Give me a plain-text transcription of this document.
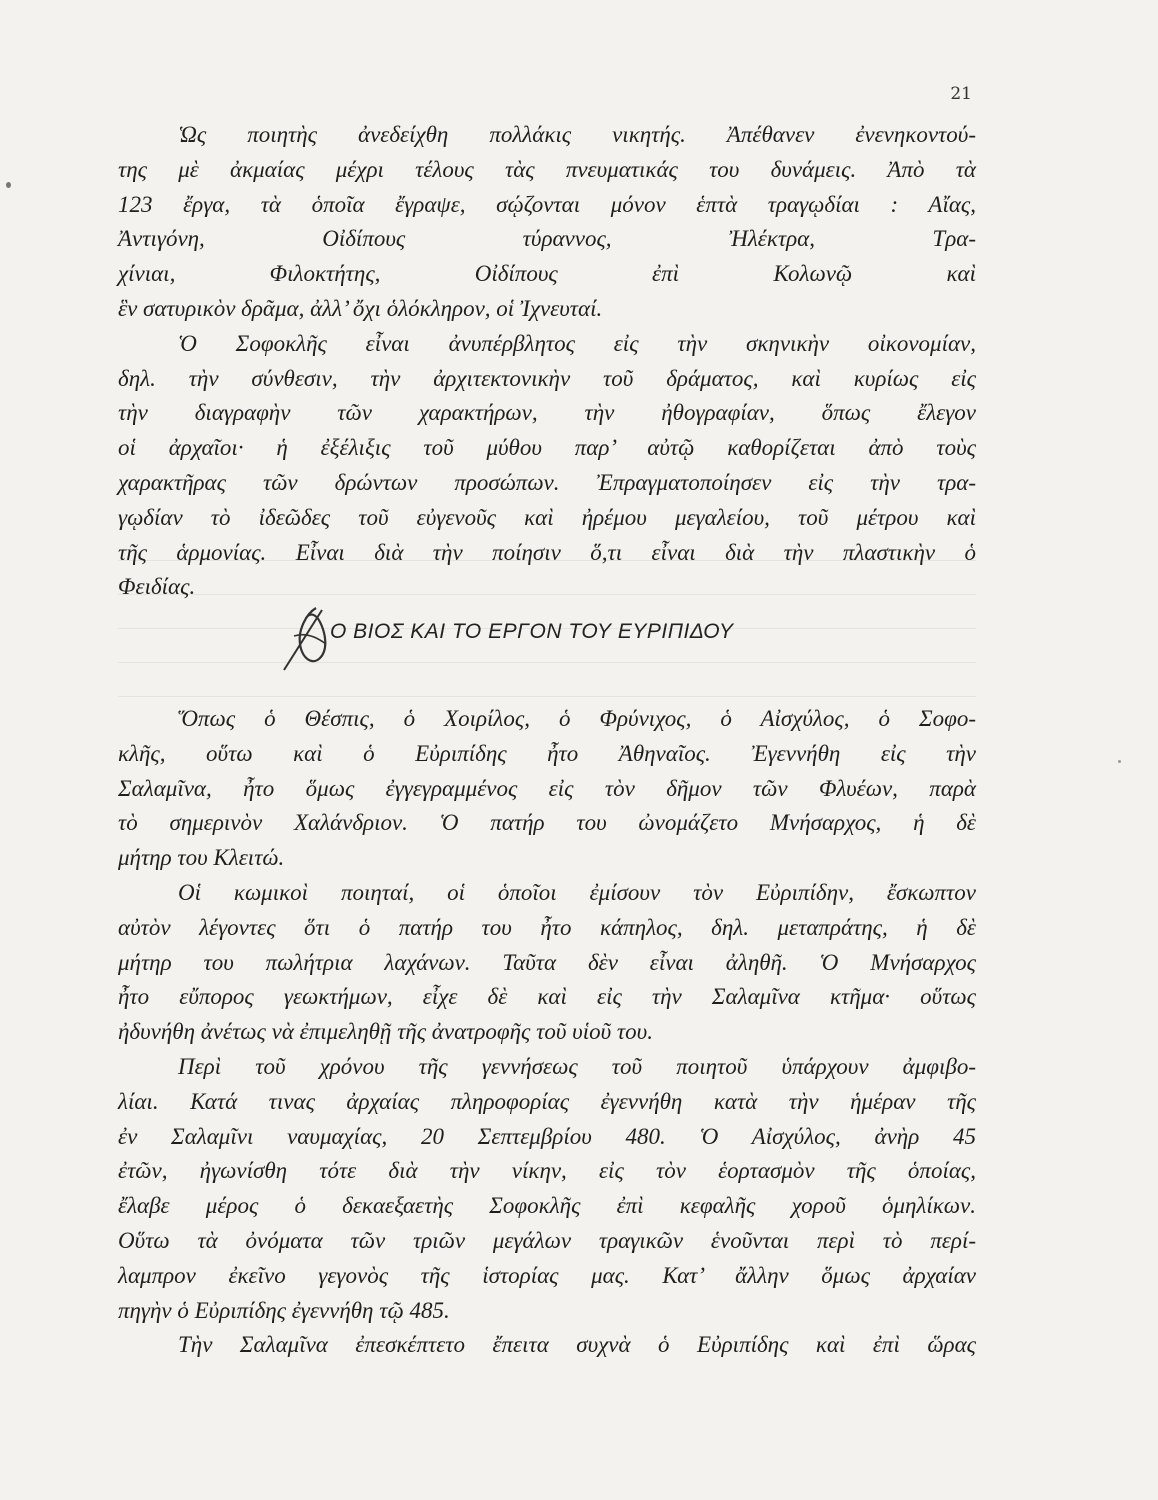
21
Ὡς ποιητὴς ἀνεδείχθη πολλάκις νικητής. Ἀπέθανεν ἐνενηκοντού-
της μὲ ἀκμαίας μέχρι τέλους τὰς πνευματικάς του δυνάμεις. Ἀπὸ τὰ
123 ἔργα, τὰ ὁποῖα ἔγραψε, σῴζονται μόνον ἑπτὰ τραγῳδίαι : Αἴας,
Ἀντιγόνη, Οἰδίπους τύραννος, Ἠλέκτρα, Τρα-
χίνιαι, Φιλοκτήτης, Οἰδίπους ἐπὶ Κολωνῷ καὶ
ἓν σατυρικὸν δρᾶμα, ἀλλ’ ὄχι ὁλόκληρον, οἱ Ἰχνευταί.
Ὁ Σοφοκλῆς εἶναι ἀνυπέρβλητος εἰς τὴν σκηνικὴν οἰκονομίαν,
δηλ. τὴν σύνθεσιν, τὴν ἀρχιτεκτονικὴν τοῦ δράματος, καὶ κυρίως εἰς
τὴν διαγραφὴν τῶν χαρακτήρων, τὴν ἠθογραφίαν, ὅπως ἔλεγον
οἱ ἀρχαῖοι· ἡ ἐξέλιξις τοῦ μύθου παρ’ αὐτῷ καθορίζεται ἀπὸ τοὺς
χαρακτῆρας τῶν δρώντων προσώπων. Ἐπραγματοποίησεν εἰς τὴν τρα-
γῳδίαν τὸ ἰδεῶδες τοῦ εὐγενοῦς καὶ ἠρέμου μεγαλείου, τοῦ μέτρου καὶ
τῆς ἁρμονίας. Εἶναι διὰ τὴν ποίησιν ὅ,τι εἶναι διὰ τὴν πλαστικὴν ὁ
Φειδίας.
Ο ΒΙΟΣ ΚΑΙ ΤΟ ΕΡΓΟΝ ΤΟΥ ΕΥΡΙΠΙΔΟΥ
Ὅπως ὁ Θέσπις, ὁ Χοιρίλος, ὁ Φρύνιχος, ὁ Αἰσχύλος, ὁ Σοφο-
κλῆς, οὕτω καὶ ὁ Εὐριπίδης ἦτο Ἀθηναῖος. Ἐγεννήθη εἰς τὴν
Σαλαμῖνα, ἦτο ὅμως ἐγγεγραμμένος εἰς τὸν δῆμον τῶν Φλυέων, παρὰ
τὸ σημερινὸν Χαλάνδριον. Ὁ πατήρ του ὠνομάζετο Μνήσαρχος, ἡ δὲ
μήτηρ του Κλειτώ.
Οἱ κωμικοὶ ποιηταί, οἱ ὁποῖοι ἐμίσουν τὸν Εὐριπίδην, ἔσκωπτον
αὐτὸν λέγοντες ὅτι ὁ πατήρ του ἦτο κάπηλος, δηλ. μεταπράτης, ἡ δὲ
μήτηρ του πωλήτρια λαχάνων. Ταῦτα δὲν εἶναι ἀληθῆ. Ὁ Μνήσαρχος
ἦτο εὔπορος γεωκτήμων, εἶχε δὲ καὶ εἰς τὴν Σαλαμῖνα κτῆμα· οὕτως
ἠδυνήθη ἀνέτως νὰ ἐπιμεληθῇ τῆς ἀνατροφῆς τοῦ υἱοῦ του.
Περὶ τοῦ χρόνου τῆς γεννήσεως τοῦ ποιητοῦ ὑπάρχουν ἀμφιβο-
λίαι. Κατά τινας ἀρχαίας πληροφορίας ἐγεννήθη κατὰ τὴν ἡμέραν τῆς
ἐν Σαλαμῖνι ναυμαχίας, 20 Σεπτεμβρίου 480. Ὁ Αἰσχύλος, ἀνὴρ 45
ἐτῶν, ἠγωνίσθη τότε διὰ τὴν νίκην, εἰς τὸν ἑορτασμὸν τῆς ὁποίας,
ἔλαβε μέρος ὁ δεκαεξαετὴς Σοφοκλῆς ἐπὶ κεφαλῆς χοροῦ ὁμηλίκων.
Οὕτω τὰ ὀνόματα τῶν τριῶν μεγάλων τραγικῶν ἑνοῦνται περὶ τὸ περί-
λαμπρον ἐκεῖνο γεγονὸς τῆς ἱστορίας μας. Κατ’ ἄλλην ὅμως ἀρχαίαν
πηγὴν ὁ Εὐριπίδης ἐγεννήθη τῷ 485.
Τὴν Σαλαμῖνα ἐπεσκέπτετο ἔπειτα συχνὰ ὁ Εὐριπίδης καὶ ἐπὶ ὥρας
